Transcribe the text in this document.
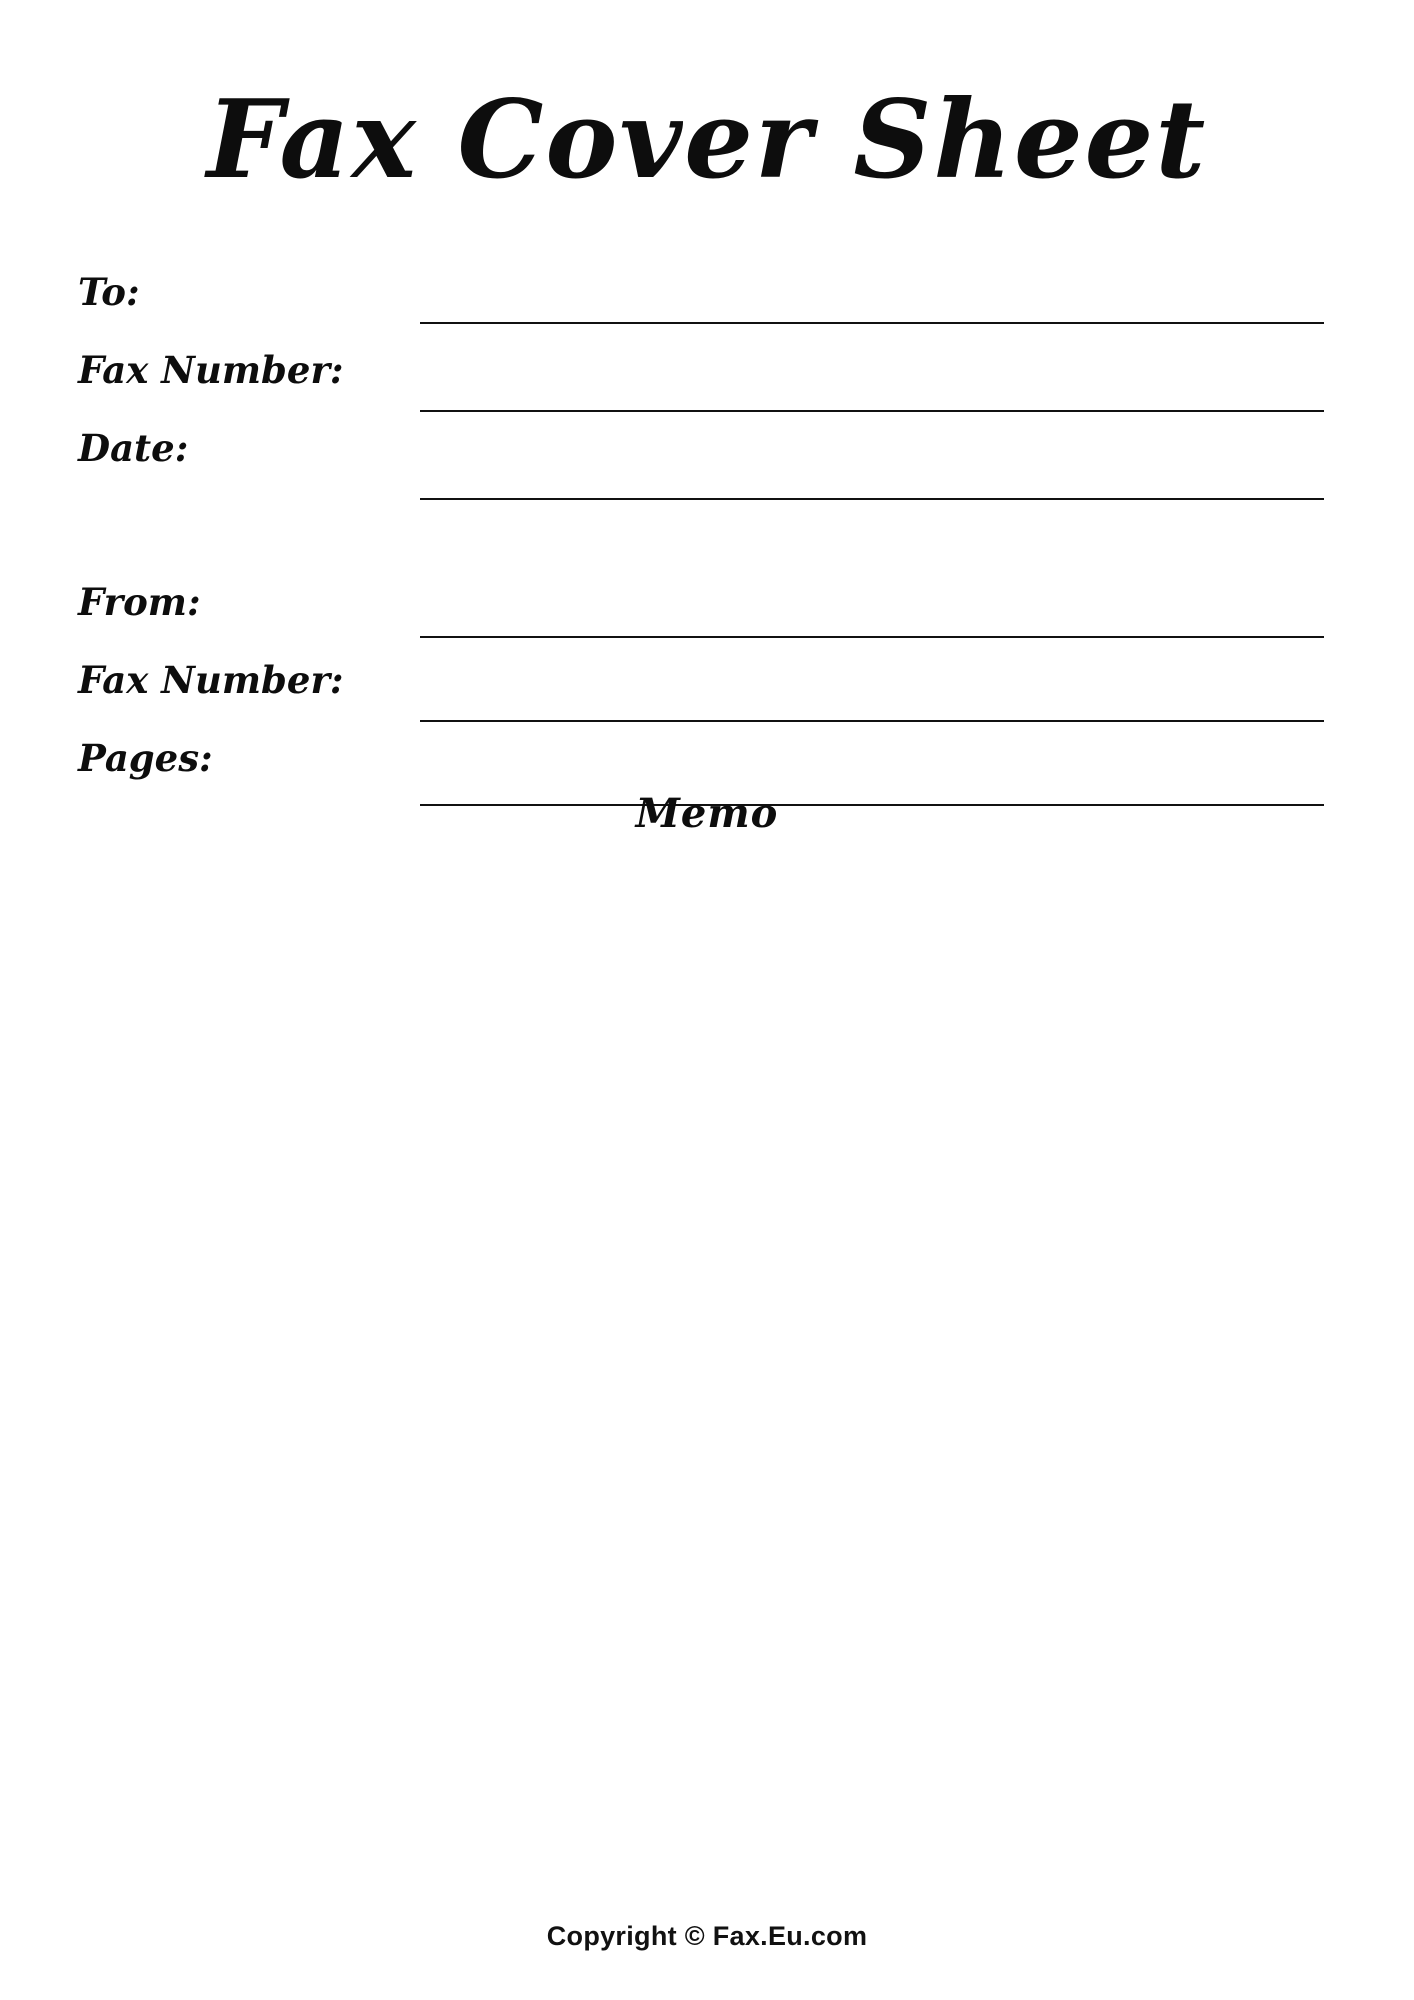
Fax Cover Sheet
To:
Fax Number:
Date:
From:
Fax Number:
Pages:
Memo
Copyright © Fax.Eu.com
